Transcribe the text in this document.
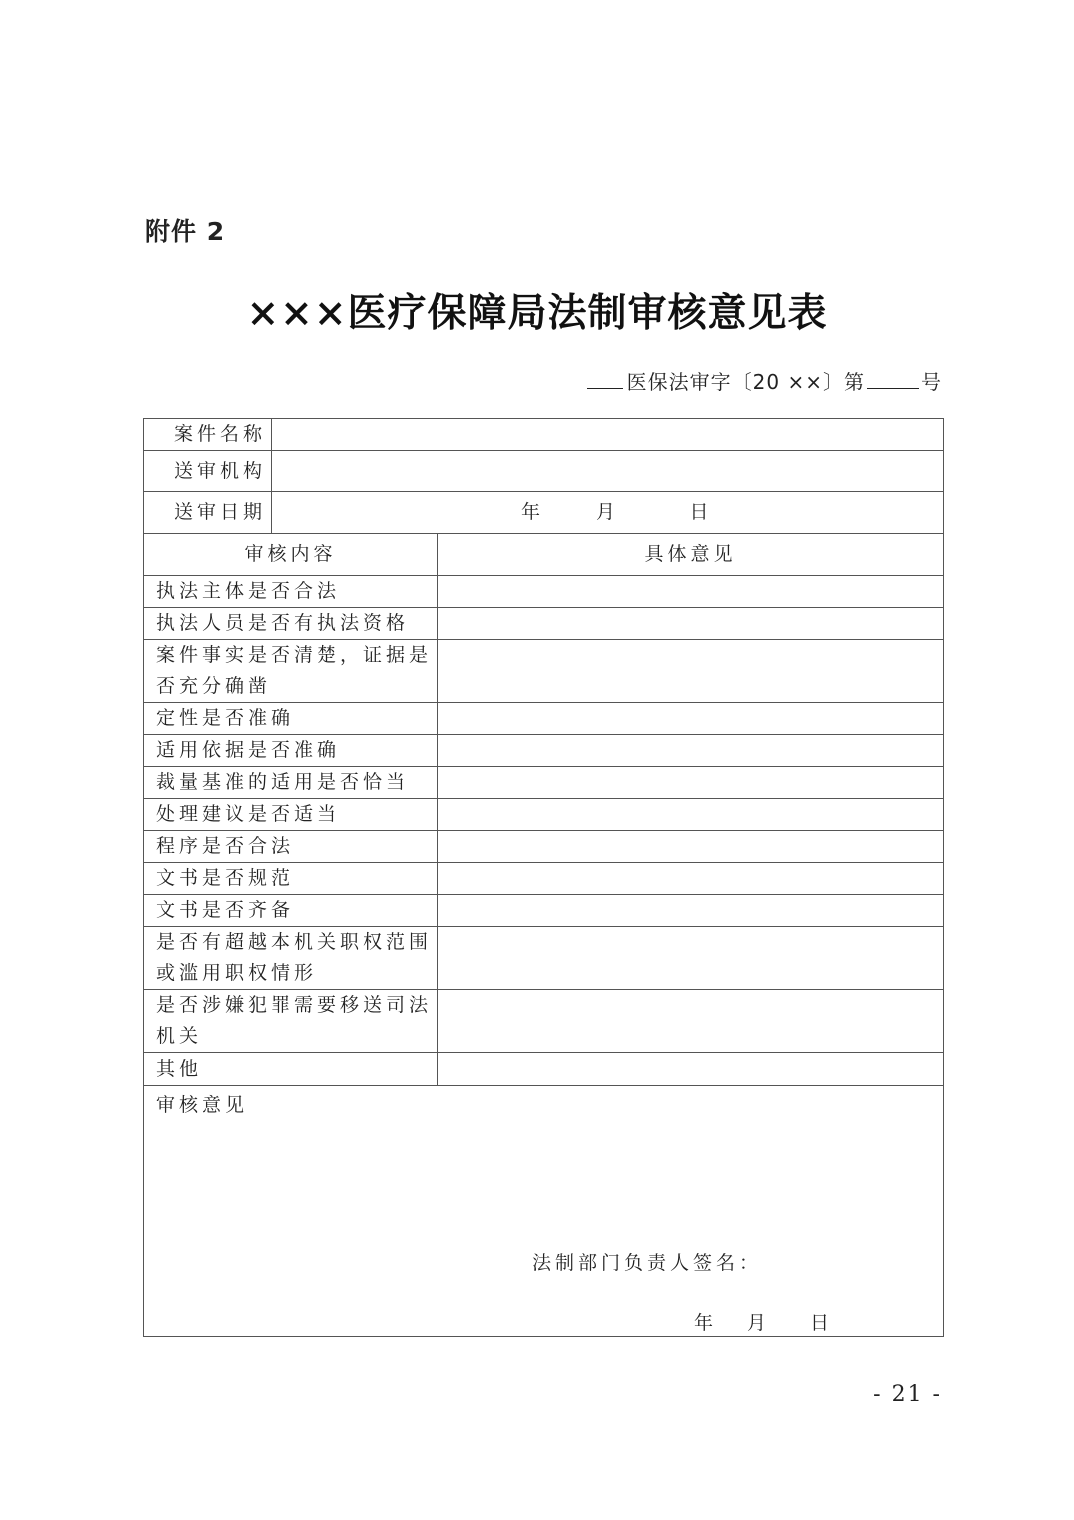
附件 2
×××医疗保障局法制审核意见表
医保法审字〔20 ××〕第	号
案件名称		
送审机构		
送审日期	年 月 日	
审核内容		具体意见
执法主体是否合法		
执法人员是否有执法资格		
案件事实是否清楚，证据是否充分确凿		
定性是否准确		
适用依据是否准确		
裁量基准的适用是否恰当		
处理建议是否适当		
程序是否合法		
文书是否规范		
文书是否齐备		
是否有超越本机关职权范围或滥用职权情形		
是否涉嫌犯罪需要移送司法机关		
其他		

审核意见
法制部门负责人签名：
年 月 日		
- 21 -
